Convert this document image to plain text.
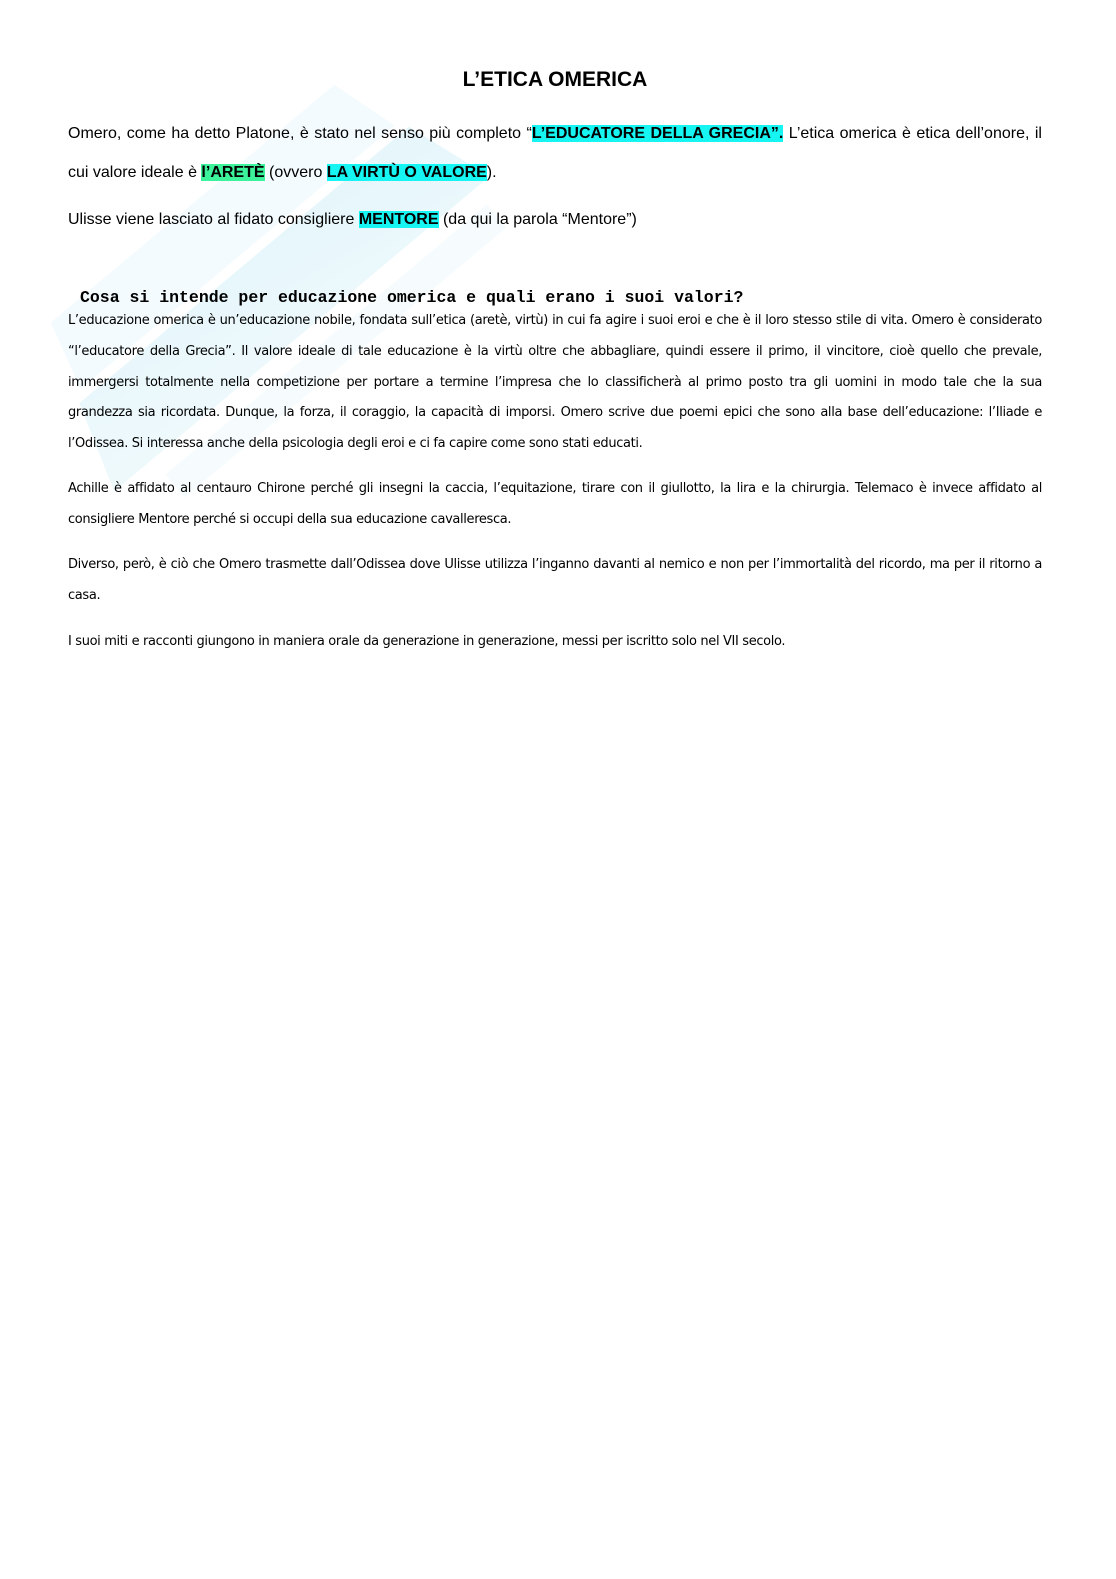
L’ETICA OMERICA

Omero, come ha detto Platone, è stato nel senso più completo “L’EDUCATORE DELLA GRECIA”. L’etica omerica è etica dell’onore, il cui valore ideale è l’ARETÈ (ovvero LA VIRTÙ O VALORE).

Ulisse viene lasciato al fidato consigliere MENTORE (da qui la parola “Mentore”)

Cosa si intende per educazione omerica e quali erano i suoi valori?

L’educazione omerica è un’educazione nobile, fondata sull’etica (aretè, virtù) in cui fa agire i suoi eroi e che è il loro stesso stile di vita. Omero è considerato “l’educatore della Grecia”. Il valore ideale di tale educazione è la virtù oltre che abbagliare, quindi essere il primo, il vincitore, cioè quello che prevale, immergersi totalmente nella competizione per portare a termine l’impresa che lo classificherà al primo posto tra gli uomini in modo tale che la sua grandezza sia ricordata. Dunque, la forza, il coraggio, la capacità di imporsi. Omero scrive due poemi epici che sono alla base dell’educazione: l’Iliade e l’Odissea. Si interessa anche della psicologia degli eroi e ci fa capire come sono stati educati.

Achille è affidato al centauro Chirone perché gli insegni la caccia, l’equitazione, tirare con il giullotto, la lira e la chirurgia. Telemaco è invece affidato al consigliere Mentore perché si occupi della sua educazione cavalleresca.

Diverso, però, è ciò che Omero trasmette dall’Odissea dove Ulisse utilizza l’inganno davanti al nemico e non per l’immortalità del ricordo, ma per il ritorno a casa.

I suoi miti e racconti giungono in maniera orale da generazione in generazione, messi per iscritto solo nel VII secolo.
